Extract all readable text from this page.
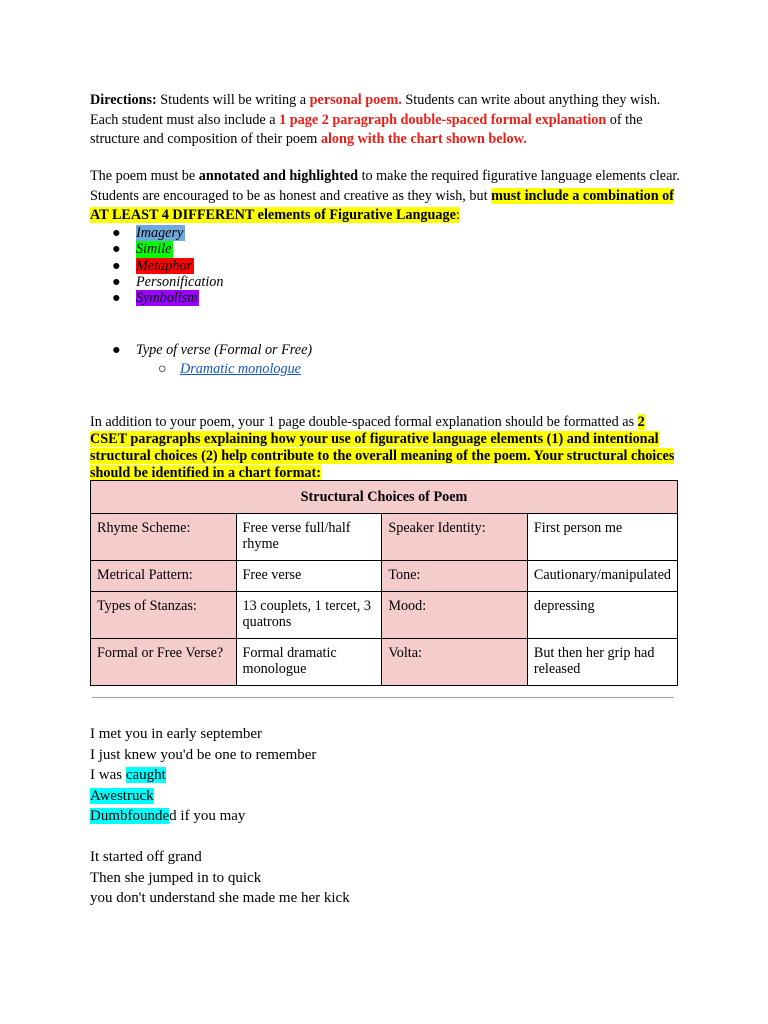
Directions: Students will be writing a personal poem. Students can write about anything they wish. Each student must also include a 1 page 2 paragraph double-spaced formal explanation of the structure and composition of their poem along with the chart shown below.

The poem must be annotated and highlighted to make the required figurative language elements clear. Students are encouraged to be as honest and creative as they wish, but must include a combination of AT LEAST 4 DIFFERENT elements of Figurative Language:

● Imagery
● Simile
● Metaphor
● Personification
● Symbolism
● Type of verse (Formal or Free)
○ Dramatic monologue

In addition to your poem, your 1 page double-spaced formal explanation should be formatted as 2 CSET paragraphs explaining how your use of figurative language elements (1) and intentional structural choices (2) help contribute to the overall meaning of the poem. Your structural choices should be identified in a chart format:

Structural Choices of Poem			
Rhyme Scheme:	Free verse full/half rhyme	Speaker Identity:	First person me
Metrical Pattern:	Free verse	Tone:	Cautionary/manipulated
Types of Stanzas:	13 couplets, 1 tercet, 3 quatrons	Mood:	depressing
Formal or Free Verse?	Formal dramatic monologue	Volta:	But then her grip had released
I met you in early september
I just knew you'd be one to remember
I was caught
Awestruck
Dumbfounded if you may
It started off grand
Then she jumped in to quick
you don't understand she made me her kick
